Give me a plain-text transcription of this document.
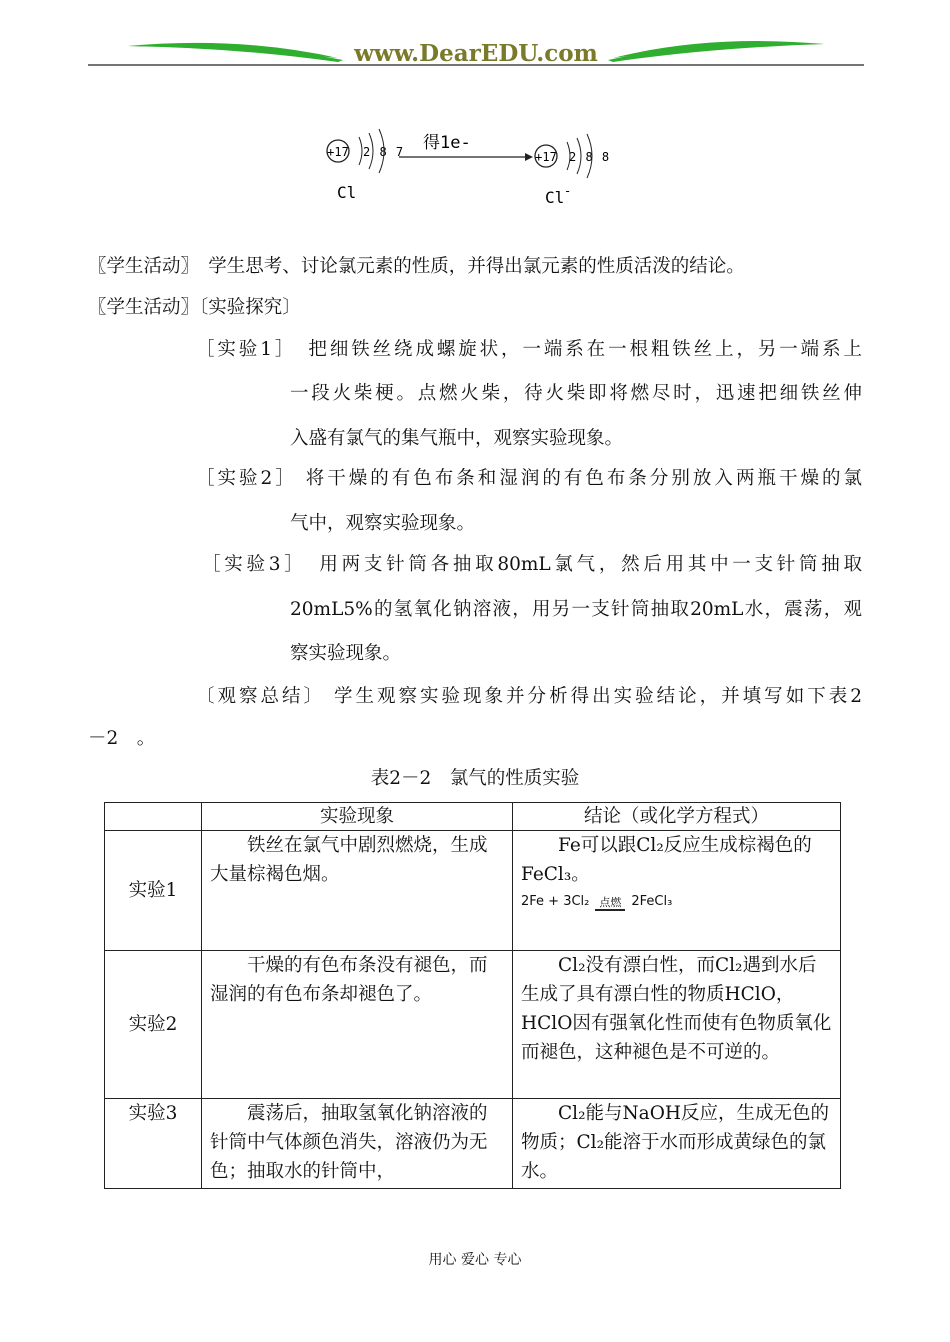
www.DearEDU.com
+17 2 8 7
Cl
得1e-
+17 2 8 8
Cl -
〖学生活动〗　学生思考、讨论氯元素的性质，并得出氯元素的性质活泼的结论。
〖学生活动〗〔实验探究〕
［实验1］　把细铁丝绕成螺旋状，一端系在一根粗铁丝上，另一端系上
一段火柴梗。点燃火柴，待火柴即将燃尽时，迅速把细铁丝伸
入盛有氯气的集气瓶中，观察实验现象。
［实验2］ 将干燥的有色布条和湿润的有色布条分别放入两瓶干燥的氯
气中，观察实验现象。
［实验3］　用两支针筒各抽取80mL氯气，然后用其中一支针筒抽取
20mL5%的氢氧化钠溶液，用另一支针筒抽取20mL水，震荡，观
察实验现象。
〔观察总结〕 学生观察实验现象并分析得出实验结论，并填写如下表2
－2　。
表2－2　氯气的性质实验
	实验现象	结论（或化学方程式）
实验1	铁丝在氯气中剧烈燃烧，生成大量棕褐色烟。	Fe可以跟Cl₂反应生成棕褐色的FeCl₃。
2Fe + 3Cl₂ 点燃 2FeCl₃

实验2	干燥的有色布条没有褪色，而湿润的有色布条却褪色了。	Cl₂没有漂白性，而Cl₂遇到水后生成了具有漂白性的物质HClO，　HClO因有强氧化性而使有色物质氧化而褪色，这种褪色是不可逆的。
实验3	震荡后，抽取氢氧化钠溶液的针筒中气体颜色消失，溶液仍为无色；抽取水的针筒中，	Cl₂能与NaOH反应，生成无色的物质；Cl₂能溶于水而形成黄绿色的氯水。
用心 爱心 专心
